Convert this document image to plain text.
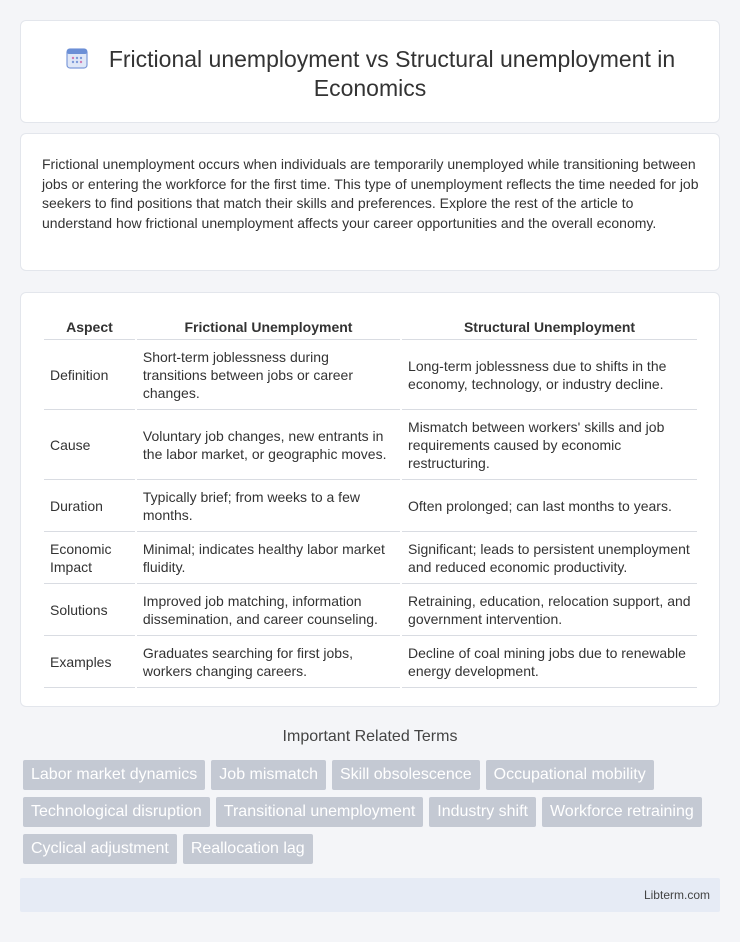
Frictional unemployment vs Structural unemployment in Economics

Frictional unemployment occurs when individuals are temporarily unemployed while transitioning between jobs or entering the workforce for the first time. This type of unemployment reflects the time needed for job seekers to find positions that match their skills and preferences. Explore the rest of the article to understand how frictional unemployment affects your career opportunities and the overall economy.

Aspect	Frictional Unemployment	Structural Unemployment
Definition	Short-term joblessness during transitions between jobs or career changes.	Long-term joblessness due to shifts in the economy, technology, or industry decline.
Cause	Voluntary job changes, new entrants in the labor market, or geographic moves.	Mismatch between workers' skills and job requirements caused by economic restructuring.
Duration	Typically brief; from weeks to a few months.	Often prolonged; can last months to years.
Economic Impact	Minimal; indicates healthy labor market fluidity.	Significant; leads to persistent unemployment and reduced economic productivity.
Solutions	Improved job matching, information dissemination, and career counseling.	Retraining, education, relocation support, and government intervention.
Examples	Graduates searching for first jobs, workers changing careers.	Decline of coal mining jobs due to renewable energy development.
Important Related Terms
Labor market dynamics	Job mismatch	Skill obsolescence	Occupational mobility
Technological disruption	Transitional unemployment	Industry shift	Workforce retraining
Cyclical adjustment	Reallocation lag
Libterm.com
